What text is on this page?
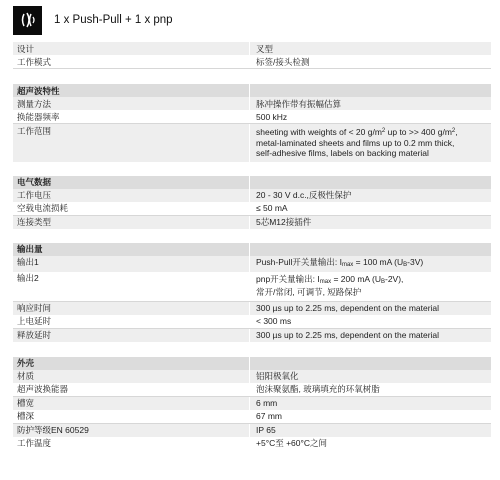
1 x Push-Pull + 1 x pnp
设计	叉型
工作模式	标签/接头检测
超声波特性
测量方法	脉冲操作带有振幅估算
换能器频率	500 kHz
工作范围	sheeting with weights of < 20 $g/m^2$ up to >> 400 $g/m^2$,
metal-laminated sheets and films up to 0.2 mm thick,
self-adhesive films, labels on backing material
电气数据
工作电压	20 - 30 V d.c.,反极性保护
空载电流损耗	≤ 50 mA
连接类型	5芯M12接插件
输出量
输出1	Push-Pull开关量输出: $I_{max} = 100$ mA $(U_B-3V)$
输出2	pnp开关量输出: $I_{max} = 200$ mA $(U_B-2V)$,
常开/常闭, 可调节, 短路保护
响应时间	300 µs up to 2.25 ms, dependent on the material
上电延时	< 300 ms
释放延时	300 µs up to 2.25 ms, dependent on the material
外壳
材质	铝阳极氧化
超声波换能器	泡沫聚氨酯, 玻璃填充的环氧树脂
槽宽	6 mm
槽深	67 mm
防护等级EN 60529	IP 65
工作温度	+5°C至 +60°C之间
